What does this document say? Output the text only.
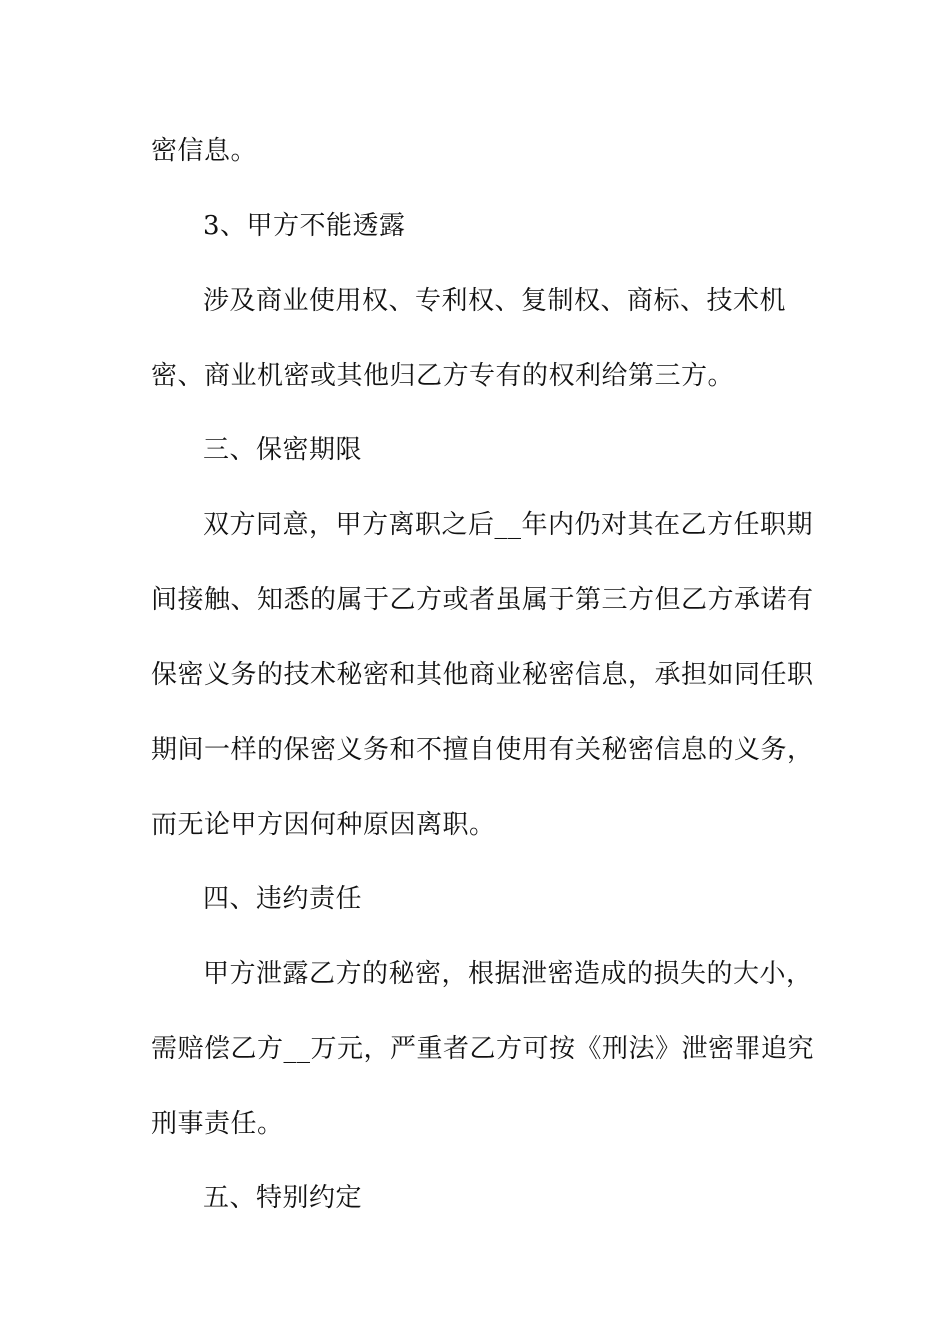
密信息。
3、甲方不能透露
涉及商业使用权、专利权、复制权、商标、技术机
密、商业机密或其他归乙方专有的权利给第三方。
三、保密期限
双方同意，甲方离职之后__年内仍对其在乙方任职期
间接触、知悉的属于乙方或者虽属于第三方但乙方承诺有
保密义务的技术秘密和其他商业秘密信息，承担如同任职
期间一样的保密义务和不擅自使用有关秘密信息的义务，
而无论甲方因何种原因离职。
四、违约责任
甲方泄露乙方的秘密，根据泄密造成的损失的大小，
需赔偿乙方__万元，严重者乙方可按《刑法》泄密罪追究
刑事责任。
五、特别约定
